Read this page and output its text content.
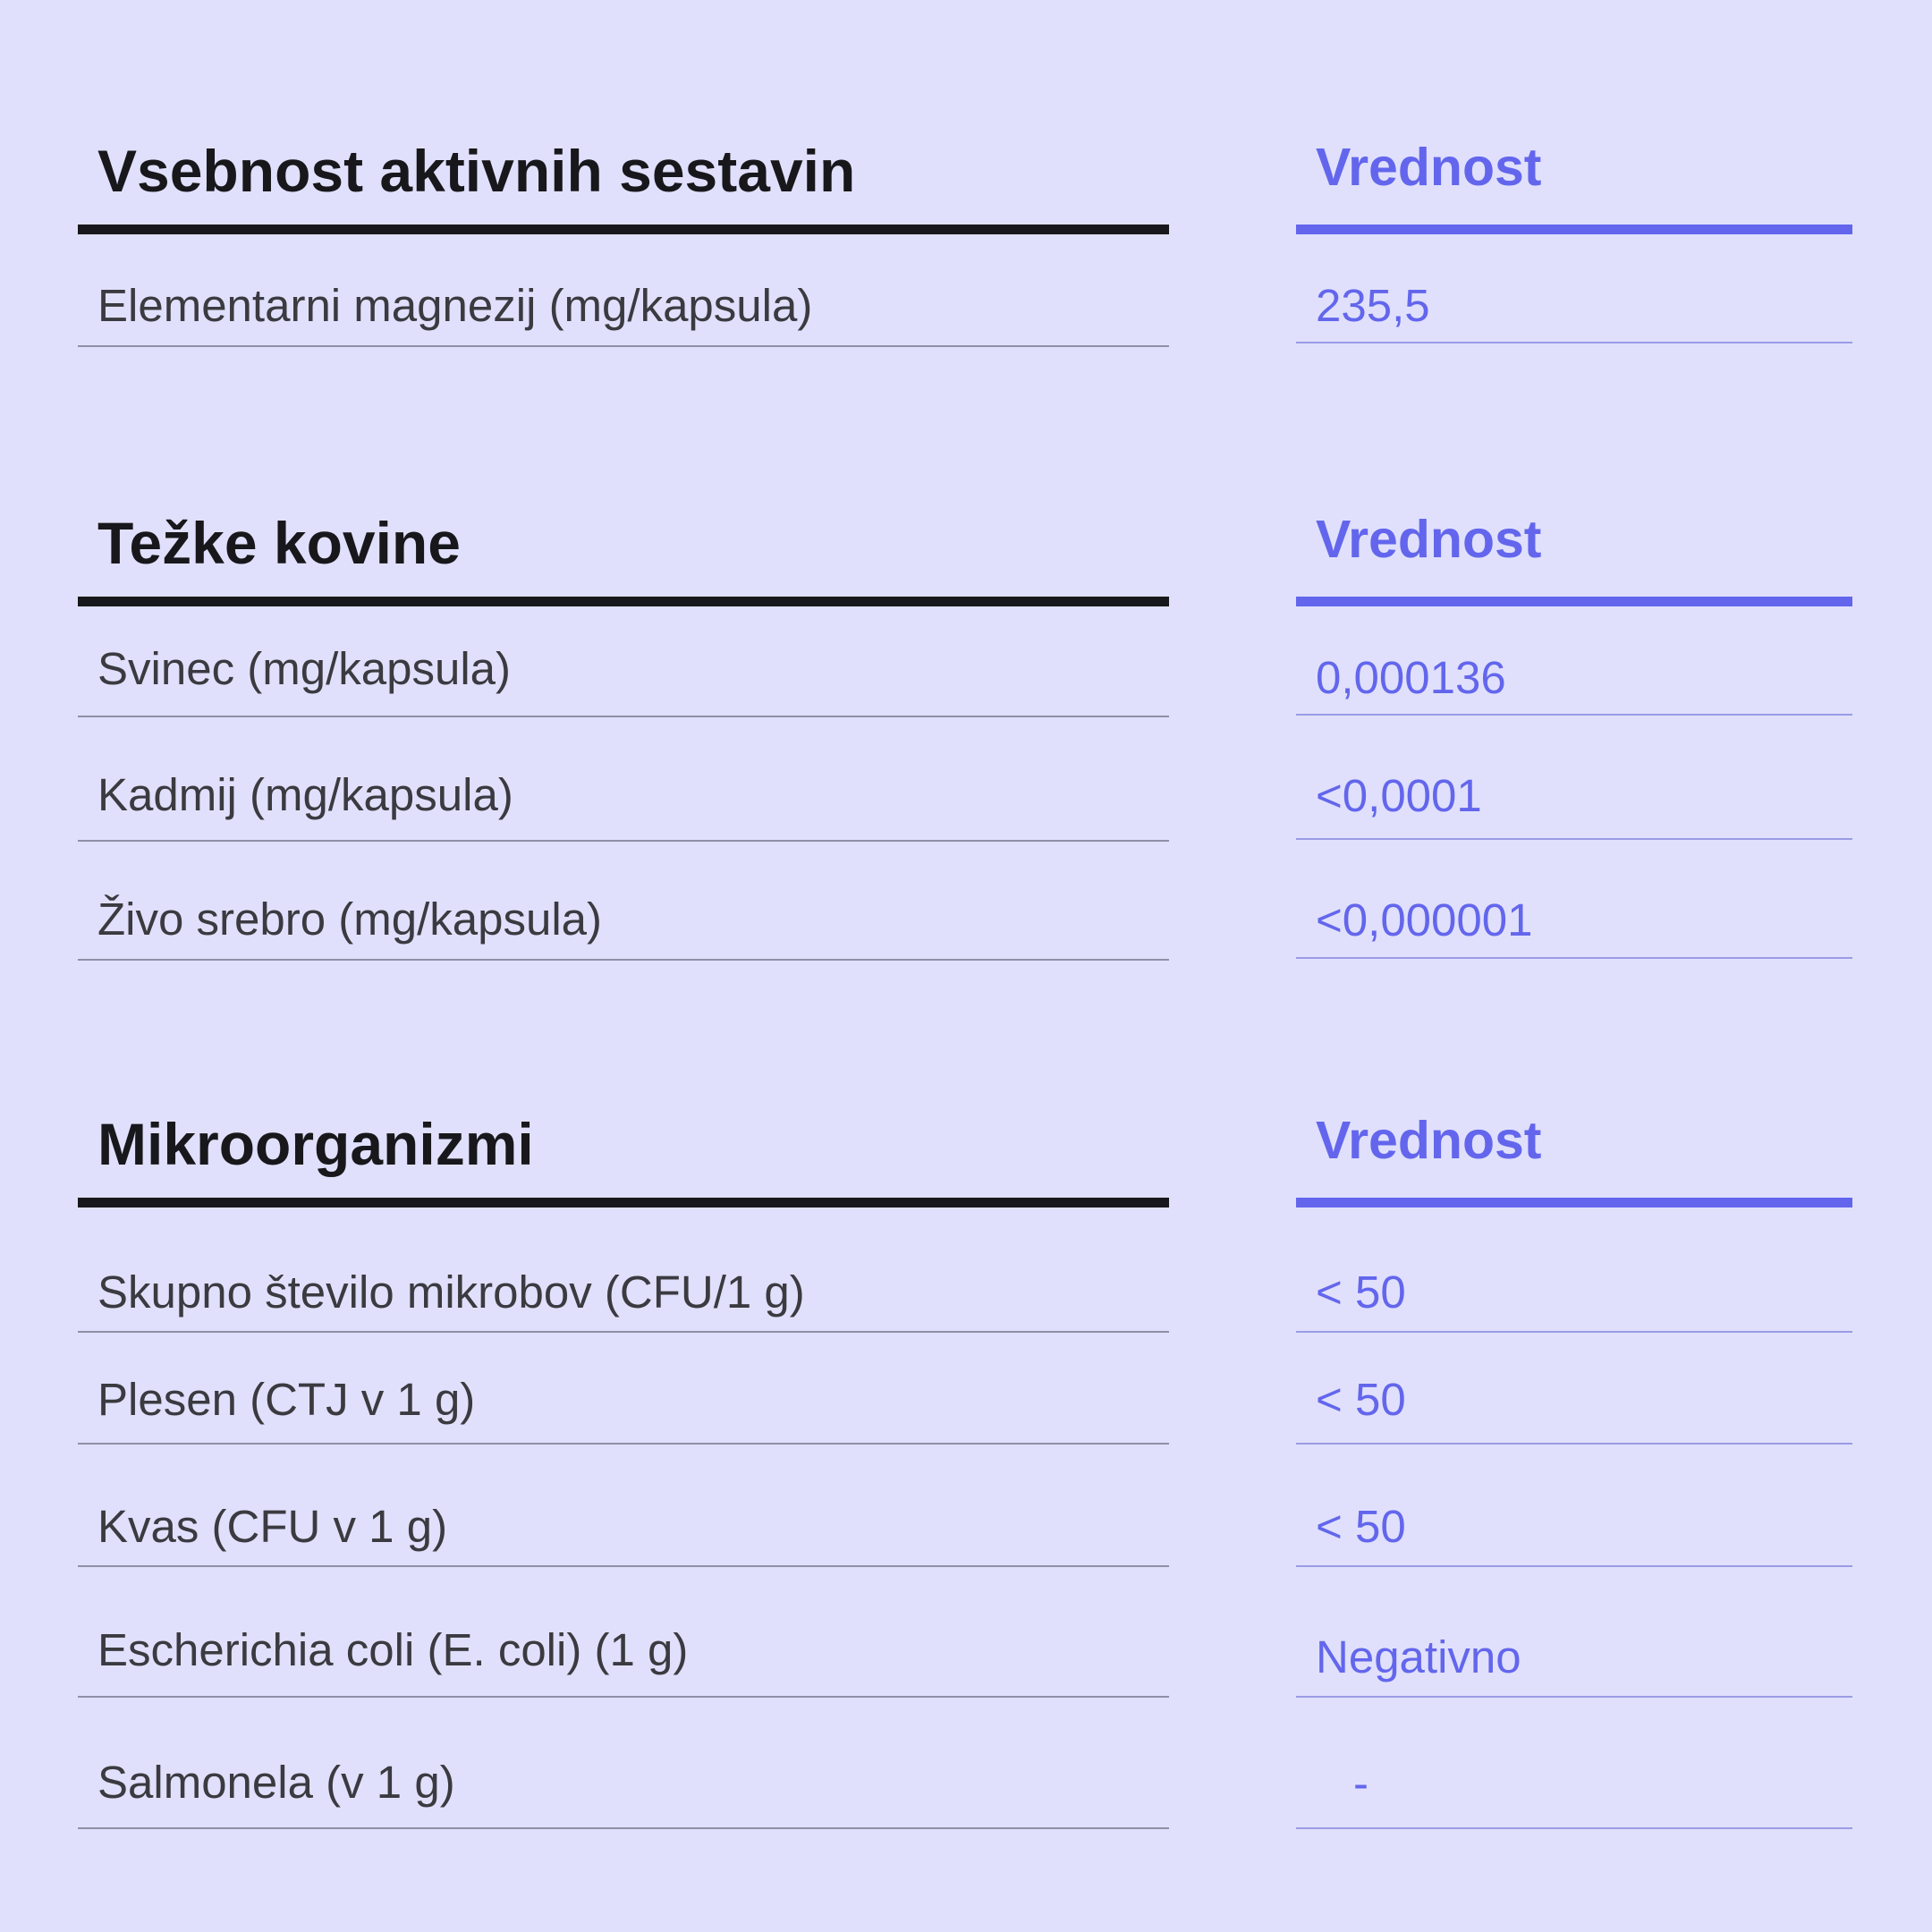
Vsebnost aktivnih sestavin	Vrednost
Elementarni magnezij (mg/kapsula)	235,5
Težke kovine	Vrednost
Svinec (mg/kapsula)	0,000136
Kadmij (mg/kapsula)	<0,0001
Živo srebro (mg/kapsula)	<0,000001
Mikroorganizmi	Vrednost
Skupno število mikrobov (CFU/1 g)	< 50
Plesen (CTJ v 1 g)	< 50
Kvas (CFU v 1 g)	< 50
Escherichia coli (E. coli) (1 g)	Negativno
Salmonela (v 1 g)	-
